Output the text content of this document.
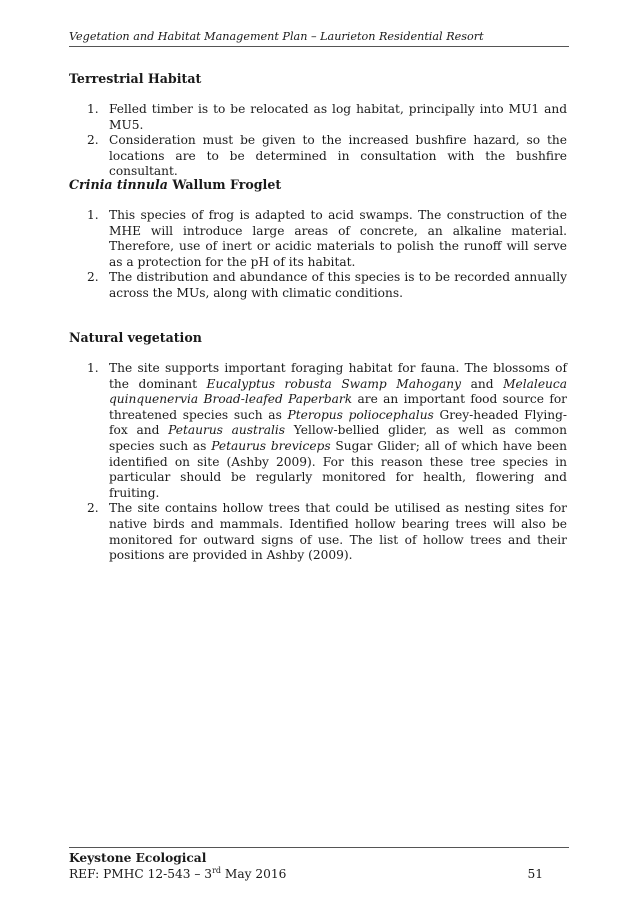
Vegetation and Habitat Management Plan – Laurieton Residential Resort

Terrestrial Habitat

1. Felled timber is to be relocated as log habitat, principally into MU1 and MU5.
2. Consideration must be given to the increased bushfire hazard, so the locations are to be determined in consultation with the bushfire consultant.

Crinia tinnula Wallum Froglet

1. This species of frog is adapted to acid swamps. The construction of the MHE will introduce large areas of concrete, an alkaline material. Therefore, use of inert or acidic materials to polish the runoff will serve as a protection for the pH of its habitat.
2. The distribution and abundance of this species is to be recorded annually across the MUs, along with climatic conditions.

Natural vegetation

1. The site supports important foraging habitat for fauna. The blossoms of the dominant Eucalyptus robusta Swamp Mahogany and Melaleuca quinquenervia Broad-leafed Paperbark are an important food source for threatened species such as Pteropus poliocephalus Grey-headed Flying-fox and Petaurus australis Yellow-bellied glider, as well as common species such as Petaurus breviceps Sugar Glider; all of which have been identified on site (Ashby 2009). For this reason these tree species in particular should be regularly monitored for health, flowering and fruiting.
2. The site contains hollow trees that could be utilised as nesting sites for native birds and mammals. Identified hollow bearing trees will also be monitored for outward signs of use. The list of hollow trees and their positions are provided in Ashby (2009).
Keystone Ecological
REF: PMHC 12-543 – 3rd May 2016	51
